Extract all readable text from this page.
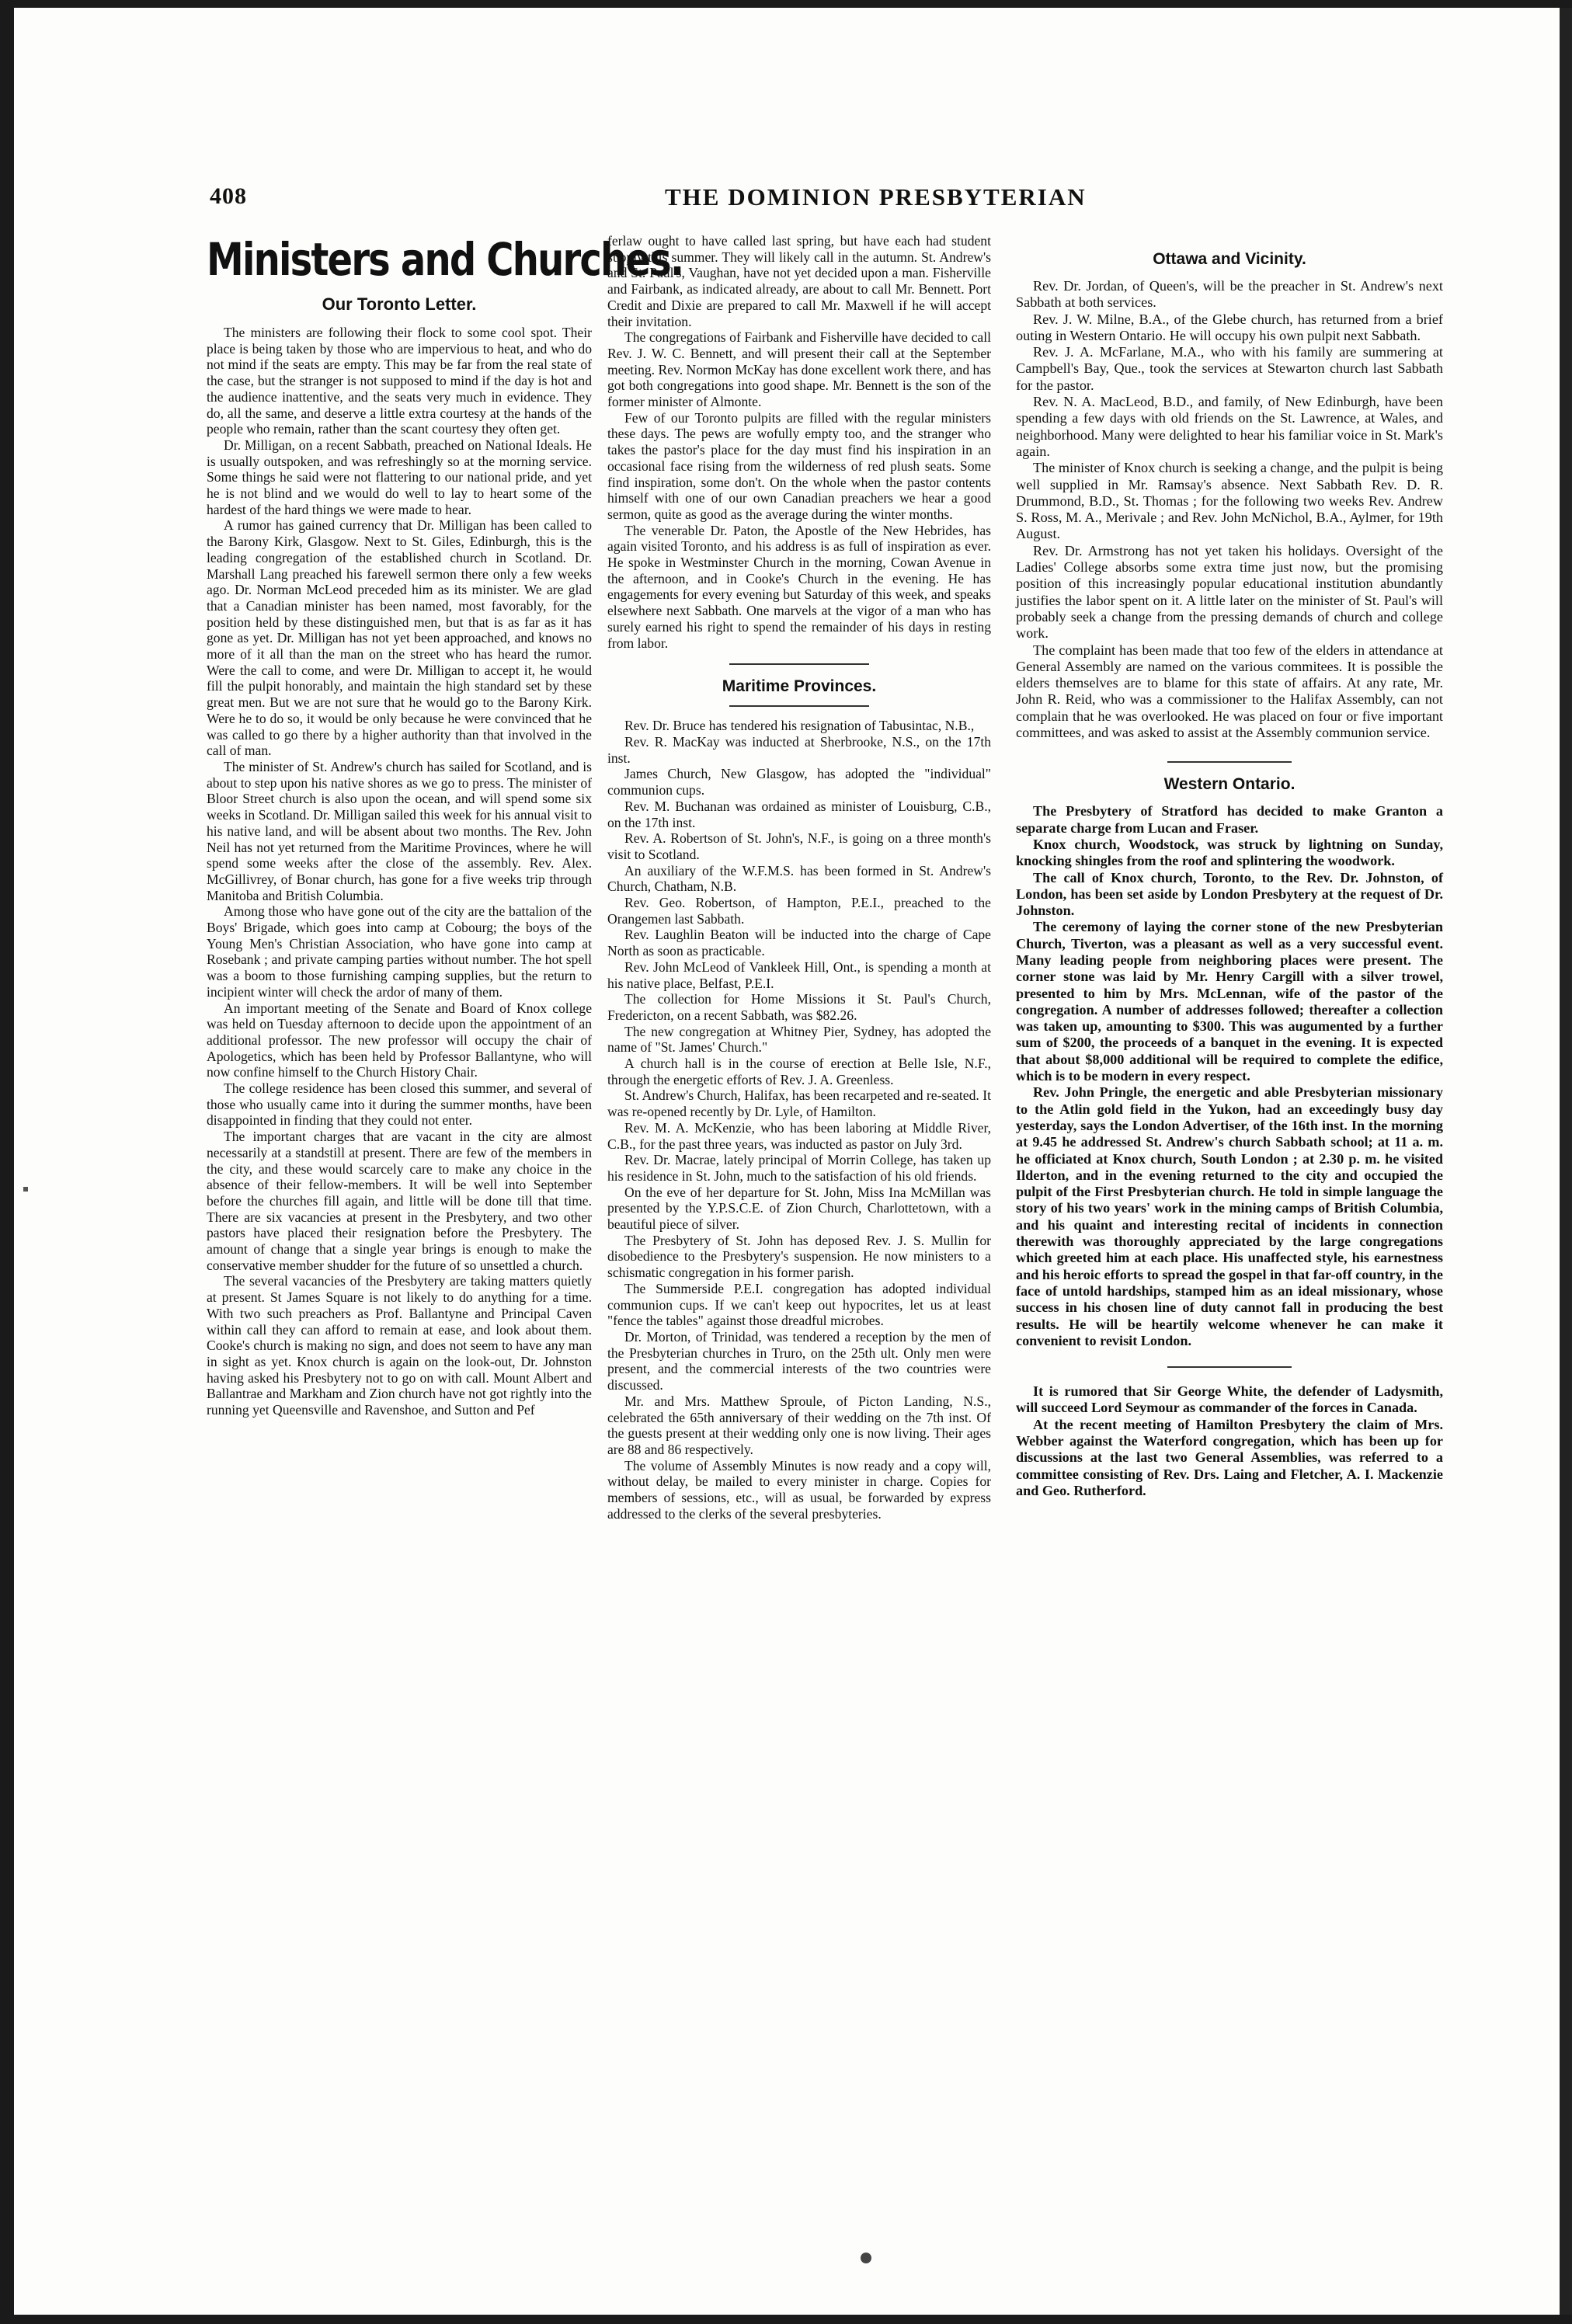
408	THE DOMINION PRESBYTERIAN
Ministers and Churches.
Our Toronto Letter.

The ministers are following their flock to some cool spot. Their place is being taken by those who are impervious to heat, and who do not mind if the seats are empty. This may be far from the real state of the case, but the stranger is not supposed to mind if the day is hot and the audience inattentive, and the seats very much in evidence. They do, all the same, and deserve a little extra courtesy at the hands of the people who remain, rather than the scant courtesy they often get.

Dr. Milligan, on a recent Sabbath, preached on National Ideals. He is usually outspoken, and was refreshingly so at the morning service. Some things he said were not flattering to our national pride, and yet he is not blind and we would do well to lay to heart some of the hardest of the hard things we were made to hear.

A rumor has gained currency that Dr. Milligan has been called to the Barony Kirk, Glasgow. Next to St. Giles, Edinburgh, this is the leading congregation of the established church in Scotland. Dr. Marshall Lang preached his farewell sermon there only a few weeks ago. Dr. Norman McLeod preceded him as its minister. We are glad that a Canadian minister has been named, most favorably, for the position held by these distinguished men, but that is as far as it has gone as yet. Dr. Milligan has not yet been approached, and knows no more of it all than the man on the street who has heard the rumor. Were the call to come, and were Dr. Milligan to accept it, he would fill the pulpit honorably, and maintain the high standard set by these great men. But we are not sure that he would go to the Barony Kirk. Were he to do so, it would be only because he were convinced that he was called to go there by a higher authority than that involved in the call of man.

The minister of St. Andrew's church has sailed for Scotland, and is about to step upon his native shores as we go to press. The minister of Bloor Street church is also upon the ocean, and will spend some six weeks in Scotland. Dr. Milligan sailed this week for his annual visit to his native land, and will be absent about two months. The Rev. John Neil has not yet returned from the Maritime Provinces, where he will spend some weeks after the close of the assembly. Rev. Alex. McGillivrey, of Bonar church, has gone for a five weeks trip through Manitoba and British Columbia.

Among those who have gone out of the city are the battalion of the Boys' Brigade, which goes into camp at Cobourg; the boys of the Young Men's Christian Association, who have gone into camp at Rosebank ; and private camping parties without number. The hot spell was a boom to those furnishing camping supplies, but the return to incipient winter will check the ardor of many of them.

An important meeting of the Senate and Board of Knox college was held on Tuesday afternoon to decide upon the appointment of an additional professor. The new professor will occupy the chair of Apologetics, which has been held by Professor Ballantyne, who will now confine himself to the Church History Chair.

The college residence has been closed this summer, and several of those who usually came into it during the summer months, have been disappointed in finding that they could not enter.

The important charges that are vacant in the city are almost necessarily at a standstill at present. There are few of the members in the city, and these would scarcely care to make any choice in the absence of their fellow-members. It will be well into September before the churches fill again, and little will be done till that time. There are six vacancies at present in the Presbytery, and two other pastors have placed their resignation before the Presbytery. The amount of change that a single year brings is enough to make the conservative member shudder for the future of so unsettled a church.

The several vacancies of the Presbytery are taking matters quietly at present. St James Square is not likely to do anything for a time. With two such preachers as Prof. Ballantyne and Principal Caven within call they can afford to remain at ease, and look about them. Cooke's church is making no sign, and does not seem to have any man in sight as yet. Knox church is again on the look-out, Dr. Johnston having asked his Presbytery not to go on with call. Mount Albert and Ballantrae and Markham and Zion church have not got rightly into the running yet Queensville and Ravenshoe, and Sutton and Pef

ferlaw ought to have called last spring, but have each had student supply this summer. They will likely call in the autumn. St. Andrew's and St. Paul's, Vaughan, have not yet decided upon a man. Fisherville and Fairbank, as indicated already, are about to call Mr. Bennett. Port Credit and Dixie are prepared to call Mr. Maxwell if he will accept their invitation.

The congregations of Fairbank and Fisherville have decided to call Rev. J. W. C. Bennett, and will present their call at the September meeting. Rev. Normon McKay has done excellent work there, and has got both congregations into good shape. Mr. Bennett is the son of the former minister of Almonte.

Few of our Toronto pulpits are filled with the regular ministers these days. The pews are wofully empty too, and the stranger who takes the pastor's place for the day must find his inspiration in an occasional face rising from the wilderness of red plush seats. Some find inspiration, some don't. On the whole when the pastor contents himself with one of our own Canadian preachers we hear a good sermon, quite as good as the average during the winter months.

The venerable Dr. Paton, the Apostle of the New Hebrides, has again visited Toronto, and his address is as full of inspiration as ever. He spoke in Westminster Church in the morning, Cowan Avenue in the afternoon, and in Cooke's Church in the evening. He has engagements for every evening but Saturday of this week, and speaks elsewhere next Sabbath. One marvels at the vigor of a man who has surely earned his right to spend the remainder of his days in resting from labor.

Maritime Provinces.

Rev. Dr. Bruce has tendered his resignation of Tabusintac, N.B.,

Rev. R. MacKay was inducted at Sherbrooke, N.S., on the 17th inst.

James Church, New Glasgow, has adopted the "individual" communion cups.

Rev. M. Buchanan was ordained as minister of Louisburg, C.B., on the 17th inst.

Rev. A. Robertson of St. John's, N.F., is going on a three month's visit to Scotland.

An auxiliary of the W.F.M.S. has been formed in St. Andrew's Church, Chatham, N.B.

Rev. Geo. Robertson, of Hampton, P.E.I., preached to the Orangemen last Sabbath.

Rev. Laughlin Beaton will be inducted into the charge of Cape North as soon as practicable.

Rev. John McLeod of Vankleek Hill, Ont., is spending a month at his native place, Belfast, P.E.I.

The collection for Home Missions it St. Paul's Church, Fredericton, on a recent Sabbath, was $82.26.

The new congregation at Whitney Pier, Sydney, has adopted the name of "St. James' Church."

A church hall is in the course of erection at Belle Isle, N.F., through the energetic efforts of Rev. J. A. Greenless.

St. Andrew's Church, Halifax, has been recarpeted and re-seated. It was re-opened recently by Dr. Lyle, of Hamilton.

Rev. M. A. McKenzie, who has been laboring at Middle River, C.B., for the past three years, was inducted as pastor on July 3rd.

Rev. Dr. Macrae, lately principal of Morrin College, has taken up his residence in St. John, much to the satisfaction of his old friends.

On the eve of her departure for St. John, Miss Ina McMillan was presented by the Y.P.S.C.E. of Zion Church, Charlottetown, with a beautiful piece of silver.

The Presbytery of St. John has deposed Rev. J. S. Mullin for disobedience to the Presbytery's suspension. He now ministers to a schismatic congregation in his former parish.

The Summerside P.E.I. congregation has adopted individual communion cups. If we can't keep out hypocrites, let us at least "fence the tables" against those dreadful microbes.

Dr. Morton, of Trinidad, was tendered a reception by the men of the Presbyterian churches in Truro, on the 25th ult. Only men were present, and the commercial interests of the two countries were discussed.

Mr. and Mrs. Matthew Sproule, of Picton Landing, N.S., celebrated the 65th anniversary of their wedding on the 7th inst. Of the guests present at their wedding only one is now living. Their ages are 88 and 86 respectively.

The volume of Assembly Minutes is now ready and a copy will, without delay, be mailed to every minister in charge. Copies for members of sessions, etc., will as usual, be forwarded by express addressed to the clerks of the several presbyteries.

Ottawa and Vicinity.

Rev. Dr. Jordan, of Queen's, will be the preacher in St. Andrew's next Sabbath at both services.

Rev. J. W. Milne, B.A., of the Glebe church, has returned from a brief outing in Western Ontario. He will occupy his own pulpit next Sabbath.

Rev. J. A. McFarlane, M.A., who with his family are summering at Campbell's Bay, Que., took the services at Stewarton church last Sabbath for the pastor.

Rev. N. A. MacLeod, B.D., and family, of New Edinburgh, have been spending a few days with old friends on the St. Lawrence, at Wales, and neighborhood. Many were delighted to hear his familiar voice in St. Mark's again.

The minister of Knox church is seeking a change, and the pulpit is being well supplied in Mr. Ramsay's absence. Next Sabbath Rev. D. R. Drummond, B.D., St. Thomas ; for the following two weeks Rev. Andrew S. Ross, M. A., Merivale ; and Rev. John McNichol, B.A., Aylmer, for 19th August.

Rev. Dr. Armstrong has not yet taken his holidays. Oversight of the Ladies' College absorbs some extra time just now, but the promising position of this increasingly popular educational institution abundantly justifies the labor spent on it. A little later on the minister of St. Paul's will probably seek a change from the pressing demands of church and college work.

The complaint has been made that too few of the elders in attendance at General Assembly are named on the various commitees. It is possible the elders themselves are to blame for this state of affairs. At any rate, Mr. John R. Reid, who was a commissioner to the Halifax Assembly, can not complain that he was overlooked. He was placed on four or five important committees, and was asked to assist at the Assembly communion service.

Western Ontario.

The Presbytery of Stratford has decided to make Granton a separate charge from Lucan and Fraser.

Knox church, Woodstock, was struck by lightning on Sunday, knocking shingles from the roof and splintering the woodwork.

The call of Knox church, Toronto, to the Rev. Dr. Johnston, of London, has been set aside by London Presbytery at the request of Dr. Johnston.

The ceremony of laying the corner stone of the new Presbyterian Church, Tiverton, was a pleasant as well as a very successful event. Many leading people from neighboring places were present. The corner stone was laid by Mr. Henry Cargill with a silver trowel, presented to him by Mrs. McLennan, wife of the pastor of the congregation. A number of addresses followed; thereafter a collection was taken up, amounting to $300. This was augumented by a further sum of $200, the proceeds of a banquet in the evening. It is expected that about $8,000 additional will be required to complete the edifice, which is to be modern in every respect.

Rev. John Pringle, the energetic and able Presbyterian missionary to the Atlin gold field in the Yukon, had an exceedingly busy day yesterday, says the London Advertiser, of the 16th inst. In the morning at 9.45 he addressed St. Andrew's church Sabbath school; at 11 a. m. he officiated at Knox church, South London ; at 2.30 p. m. he visited Ilderton, and in the evening returned to the city and occupied the pulpit of the First Presbyterian church. He told in simple language the story of his two years' work in the mining camps of British Columbia, and his quaint and interesting recital of incidents in connection therewith was thoroughly appreciated by the large congregations which greeted him at each place. His unaffected style, his earnestness and his heroic efforts to spread the gospel in that far-off country, in the face of untold hardships, stamped him as an ideal missionary, whose success in his chosen line of duty cannot fall in producing the best results. He will be heartily welcome whenever he can make it convenient to revisit London.

It is rumored that Sir George White, the defender of Ladysmith, will succeed Lord Seymour as commander of the forces in Canada.

At the recent meeting of Hamilton Presbytery the claim of Mrs. Webber against the Waterford congregation, which has been up for discussions at the last two General Assemblies, was referred to a committee consisting of Rev. Drs. Laing and Fletcher, A. I. Mackenzie and Geo. Rutherford.
